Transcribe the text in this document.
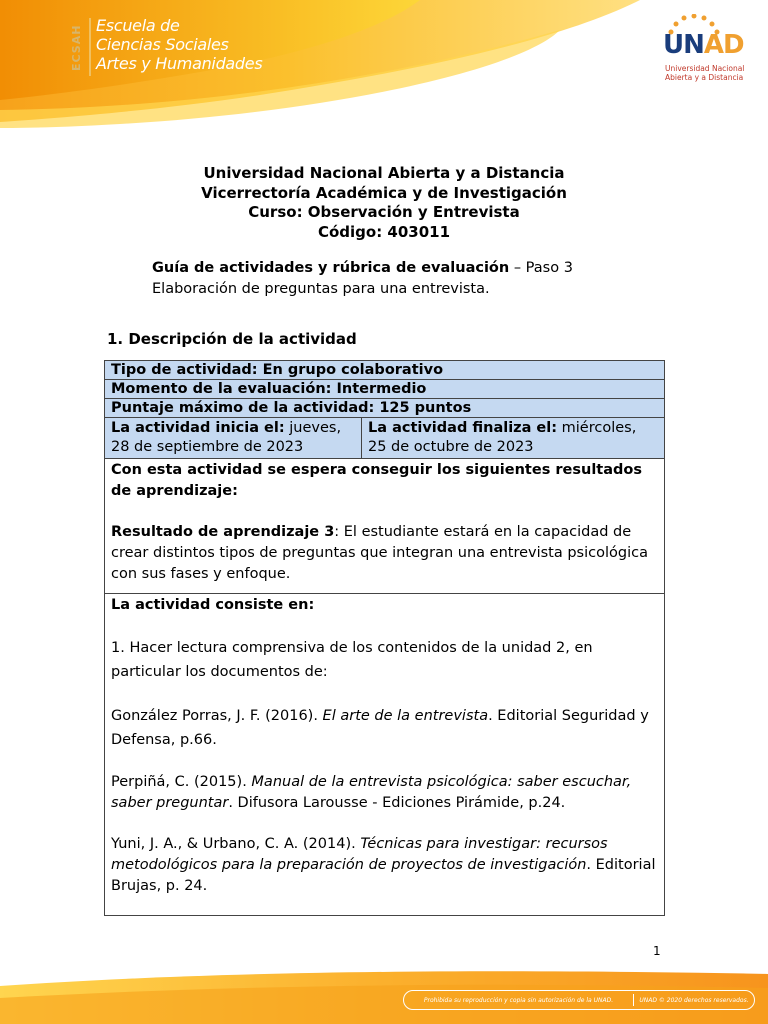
ECSAH Escuela de
Ciencias Sociales
Artes y Humanidades
UNAD
Universidad Nacional
Abierta y a Distancia
Universidad Nacional Abierta y a Distancia
Vicerrectoría Académica y de Investigación
Curso: Observación y Entrevista
Código: 403011
Guía de actividades y rúbrica de evaluación – Paso 3
Elaboración de preguntas para una entrevista.
1. Descripción de la actividad
Tipo de actividad: En grupo colaborativo
Momento de la evaluación: Intermedio
Puntaje máximo de la actividad: 125 puntos
La actividad inicia el: jueves, 28 de septiembre de 2023	La actividad finaliza el: miércoles, 25 de octubre de 2023

Con esta actividad se espera conseguir los siguientes resultados de aprendizaje:

Resultado de aprendizaje 3: El estudiante estará en la capacidad de crear distintos tipos de preguntas que integran una entrevista psicológica con sus fases y enfoque.

La actividad consiste en:

1. Hacer lectura comprensiva de los contenidos de la unidad 2, en particular los documentos de:

González Porras, J. F. (2016). El arte de la entrevista. Editorial Seguridad y Defensa, p.66.

Perpiñá, C. (2015). Manual de la entrevista psicológica: saber escuchar, saber preguntar. Difusora Larousse - Ediciones Pirámide, p.24.

Yuni, J. A., & Urbano, C. A. (2014). Técnicas para investigar: recursos metodológicos para la preparación de proyectos de investigación. Editorial Brujas, p. 24.

1
Prohibida su reproducción y copia sin autorización de la UNAD.	UNAD © 2020 derechos reservados.
